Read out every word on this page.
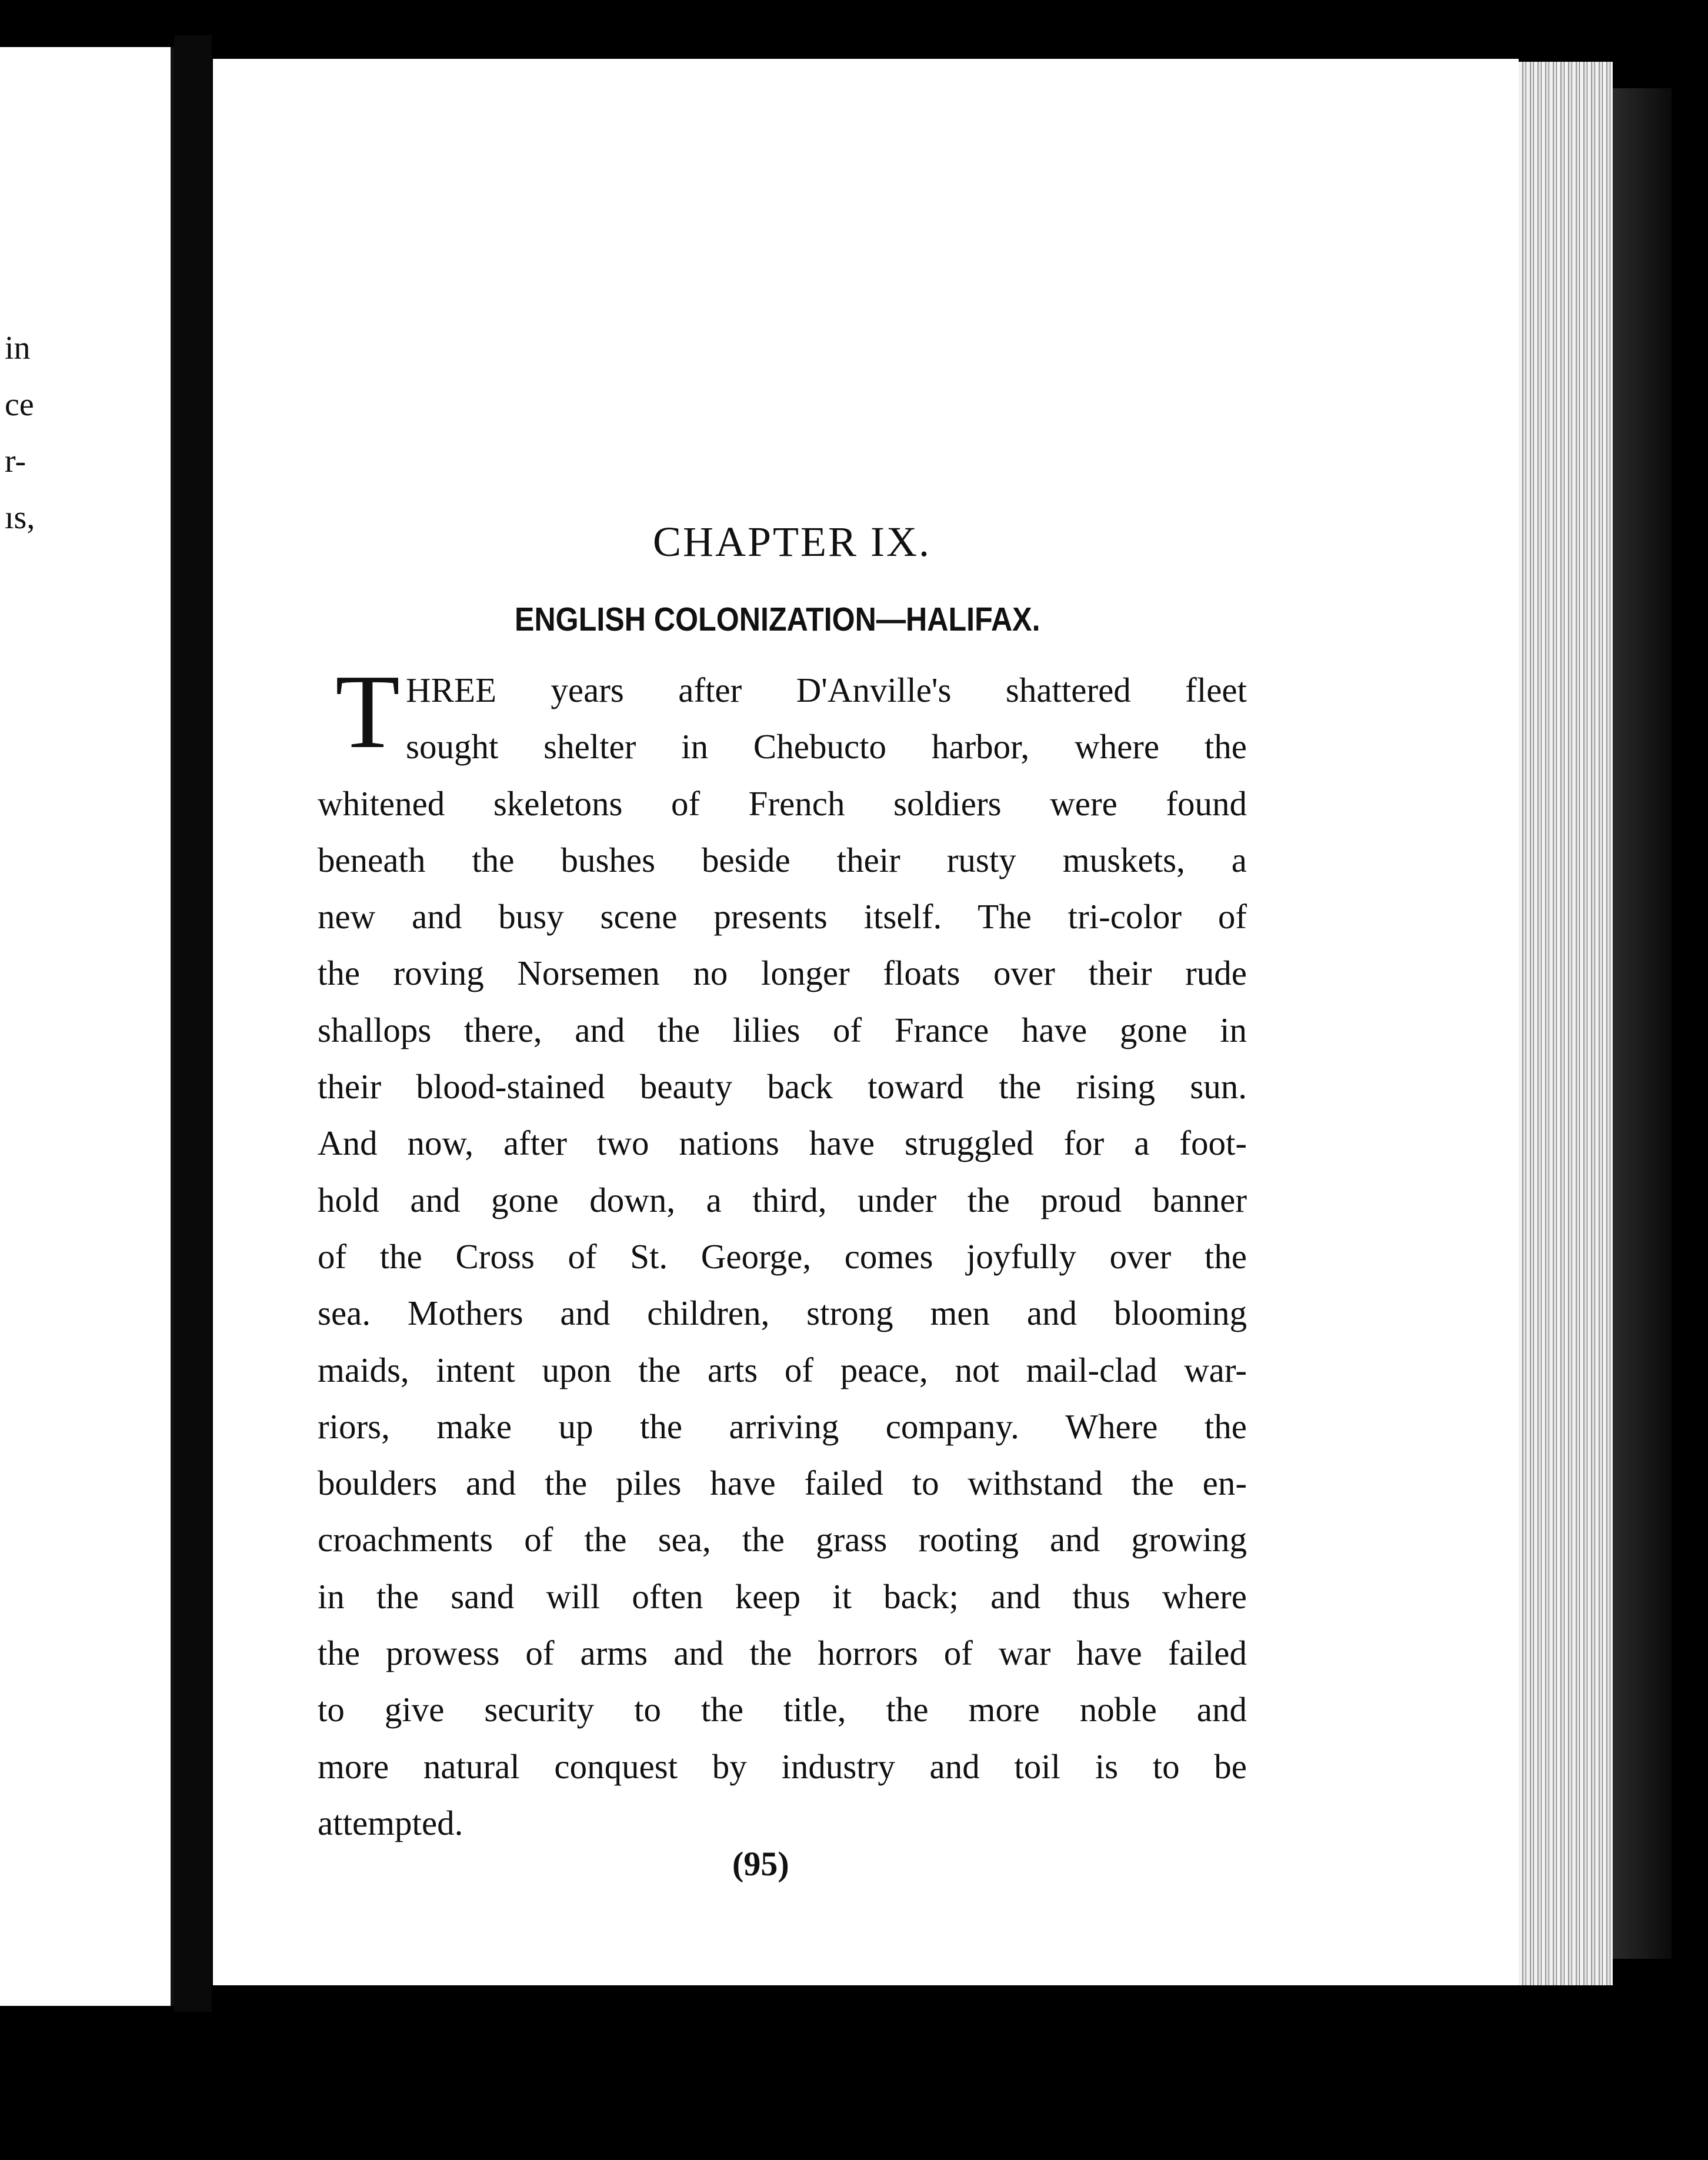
in
ce
r-
ıs,
CHAPTER IX.
ENGLISH COLONIZATION—HALIFAX.
T HREE years after D'Anville's shattered fleet
sought shelter in Chebucto harbor, where the
whitened skeletons of French soldiers were found
beneath the bushes beside their rusty muskets, a
new and busy scene presents itself. The tri-color of
the roving Norsemen no longer floats over their rude
shallops there, and the lilies of France have gone in
their blood-stained beauty back toward the rising sun.
And now, after two nations have struggled for a foot-
hold and gone down, a third, under the proud banner
of the Cross of St. George, comes joyfully over the
sea. Mothers and children, strong men and blooming
maids, intent upon the arts of peace, not mail-clad war-
riors, make up the arriving company. Where the
boulders and the piles have failed to withstand the en-
croachments of the sea, the grass rooting and growing
in the sand will often keep it back; and thus where
the prowess of arms and the horrors of war have failed
to give security to the title, the more noble and
more natural conquest by industry and toil is to be
attempted.
(95)
